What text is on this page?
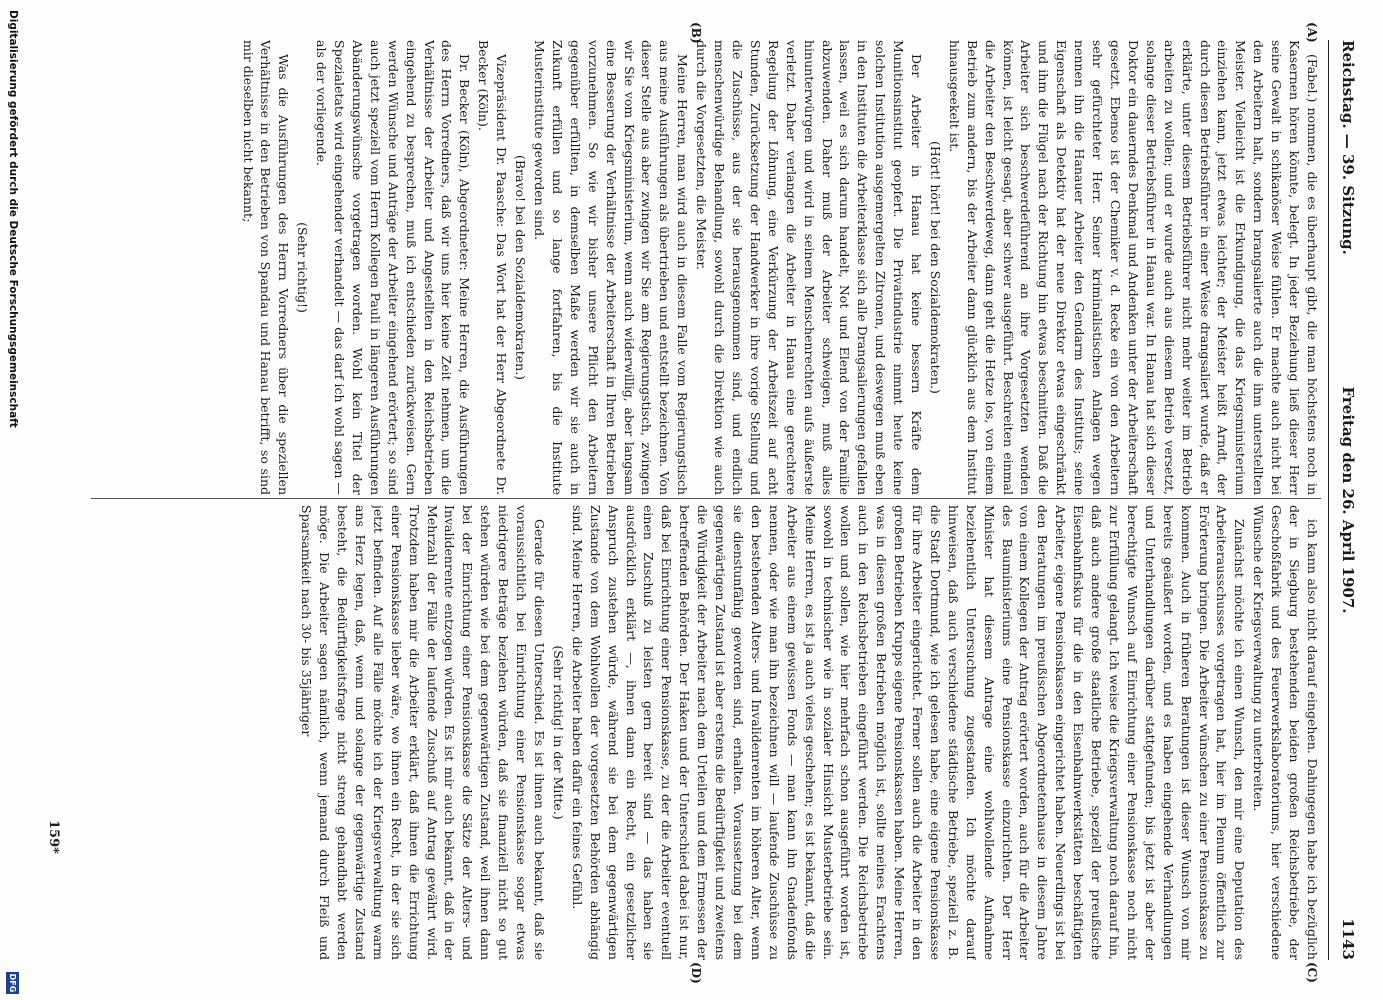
Reichstag. — 39. Sitzung.
Freitag den 26. April 1907.
1143
(A)
(B)
(C)
(D)

(Fabel.) nommen, die es überhaupt gibt, die man höchstens noch in Kasernen hören könnte, belegt. In jeder Beziehung ließ dieser Herr seine Gewalt in schikanöser Weise fühlen. Er machte auch nicht bei den Arbeitern halt, sondern brangsalierte auch die ihm unterstellten Meister. Vielleicht ist die Erkundigung, die das Kriegsministerium einziehen kann, jetzt etwas leichter; der Meister heißt Arndt, der durch diesen Betriebsführer in einer Weise drangsaliert wurde, daß er erklärte, unter diesem Betriebsführer nicht mehr weiter im Betrieb arbeiten zu wollen; und er wurde auch aus diesem Betrieb versetzt, solange dieser Betriebsführer in Hanau war. In Hanau hat sich dieser Doktor ein dauerndes Denkmal und Andenken unter der Arbeiterschaft gesetzt. Ebenso ist der Chemiker v. d. Recke ein von den Arbeitern sehr gefürchteter Herr. Seiner kriminalistischen Anlagen wegen nennen ihn die Hanauer Arbeiter den Gendarm des Instituts; seine Eigenschaft als Detektiv hat der neue Direktor etwas eingeschränkt und ihm die Flügel nach der Richtung hin etwas beschnitten. Daß die Arbeiter sich beschwerdeführend an ihre Vorgesetzten wenden können, ist leicht gesagt, aber schwer ausgeführt. Beschreiten einmal die Arbeiter den Beschwerdeweg, dann geht die Hetze los, von einem Betrieb zum andern, bis der Arbeiter dann glücklich aus dem Institut hinausgeekelt ist.

(Hört! hört! bei den Sozialdemokraten.)

Der Arbeiter in Hanau hat keine bessern Kräfte dem Munitionsinstitut geopfert. Die Privatindustrie nimmt heute keine solchen Institution ausgemergelten Zitronen, und deswegen muß eben in den Instituten die Arbeiterklasse sich alle Drangsalierungen gefallen lassen, weil es sich darum handelt, Not und Elend von der Familie abzuwenden. Daher muß der Arbeiter schweigen, muß alles hinunterwürgen und wird in seinem Menschenrechten aufs äußerste verletzt. Daher verlangen die Arbeiter in Hanau eine gerechtere Regelung der Löhnung, eine Verkürzung der Arbeitszeit auf acht Stunden, Zurücksetzung der Handwerker in ihre vorige Stellung und die Zuschüsse, aus der sie herausgenommen sind, und endlich menschenwürdige Behandlung, sowohl durch die Direktion wie auch durch die Vorgesetzten, die Meister.

Meine Herren, man wird auch in diesem Falle vom Regierungstisch aus meine Ausführungen als übertrieben und entstellt bezeichnen. Von dieser Stelle aus aber zwingen wir Sie am Regierungstisch, zwingen wir Sie vom Kriegsministerium, wenn auch widerwillig, aber langsam eine Besserung der Verhältnisse der Arbeiterschaft in Ihren Betrieben vorzunehmen. So wie wir bisher unsere Pflicht den Arbeitern gegenüber erfüllten, in demselben Maße werden wir sie auch in Zukunft erfüllen und so lange fortfahren, bis die Institute Musterinstitute geworden sind.

(Bravo! bei den Sozialdemokraten.)

Vizepräsident Dr. Paasche: Das Wort hat der Herr Abgeordnete Dr. Becker (Köln).

Dr. Becker (Köln), Abgeordneter: Meine Herren, die Ausführungen des Herrn Vorredners, daß wir uns hier keine Zeit nehmen, um die Verhältnisse der Arbeiter und Angestellten in den Reichsbetrieben eingehend zu besprechen, muß ich entschieden zurückweisen. Gern werden Wünsche und Anträge der Arbeiter eingehend erörtert; so sind auch jetzt speziell vom Herrn Kollegen Pauli in längeren Ausführungen Abänderungswünsche vorgetragen worden. Wohl kein Titel der Spezialetats wird eingehender verhandelt — das darf ich wohl sagen — als der vorliegende.

(Sehr richtig!)

Was die Ausführungen des Herrn Vorredners über die speziellen Verhältnisse in den Betrieben von Spandau und Hanau betrifft, so sind mir dieselben nicht bekannt;

ich kann also nicht darauf eingehen. Dahingegen habe ich bezüglich der in Siegburg bestehenden beiden großen Reichsbetriebe, der Geschoßfabrik und des Feuerwerkslaboratoriums, hier verschiedene Wünsche der Kriegsverwaltung zu unterbreiten.

Zunächst möchte ich einen Wunsch, den mir eine Deputation des Arbeiterausschusses vorgetragen hat, hier im Plenum öffentlich zur Erörterung bringen. Die Arbeiter wünschen zu einer Pensionskasse zu kommen. Auch in früheren Beratungen ist dieser Wunsch von mir bereits geäußert worden, und es haben eingehende Verhandlungen und Unterhandlungen darüber stattgefunden; bis jetzt ist aber der berechtigte Wunsch auf Einrichtung einer Pensionskasse noch nicht zur Erfüllung gelangt. Ich weise die Kriegsverwaltung noch darauf hin, daß auch andere große staatliche Betriebe, speziell der preußische Eisenbahnfiskus für die in den Eisenbahnwerkstätten beschäftigten Arbeiter, eigene Pensionskassen eingerichtet haben. Neuerdings ist bei den Beratungen im preußischen Abgeordnetenhause in diesem Jahre von einem Kollegen der Antrag erörtert worden, auch für die Arbeiter des Bauministeriums eine Pensionskasse einzurichten. Der Herr Minister hat diesem Antrage eine wohlwollende Aufnahme beziehentlich Untersuchung zugestanden. Ich möchte darauf hinweisen, daß auch verschiedene städtische Betriebe, speziell z. B. die Stadt Dortmund, wie ich gelesen habe, eine eigene Pensionskasse für ihre Arbeiter eingerichtet. Ferner sollen auch die Arbeiter in den großen Betrieben Krupps eigene Pensionskassen haben. Meine Herren, was in diesen großen Betrieben möglich ist, sollte meines Erachtens auch in den Reichsbetrieben eingeführt werden. Die Reichsbetriebe wollen und sollen, wie hier mehrfach schon ausgeführt worden ist, sowohl in technischer wie in sozialer Hinsicht Musterbetriebe sein. Meine Herren, es ist ja auch vieles geschehen; es ist bekannt, daß die Arbeiter aus einem gewissen Fonds — man kann ihn Gnadenfonds nennen, oder wie man ihn bezeichnen will — laufende Zuschüsse zu den bestehenden Alters- und Invalidenrenten im höheren Alter, wenn sie dienstunfähig geworden sind, erhalten. Voraussetzung bei dem gegenwärtigen Zustand ist aber erstens die Bedürftigkeit und zweitens die Würdigkeit der Arbeiter nach dem Urteilen und dem Ermessen der betreffenden Behörden. Der Haken und der Unterschied dabei ist nur, daß bei Einrichtung einer Pensionskasse, zu der die Arbeiter eventuell einen Zuschuß zu leisten gern bereit sind — das haben sie ausdrücklich erklärt —, ihnen dann ein Recht, ein gesetzlicher Anspruch zustehen würde, während sie bei dem gegenwärtigen Zustande von dem Wohlwollen der vorgesetzten Behörden abhängig sind. Meine Herren, die Arbeiter haben dafür ein feines Gefühl.

(Sehr richtig! in der Mitte.)

Gerade für diesen Unterschied. Es ist ihnen auch bekannt, daß sie voraussichtlich bei Einrichtung einer Pensionskasse sogar etwas niedrigere Beträge beziehen würden, daß sie finanziell nicht so gut stehen würden wie bei dem gegenwärtigen Zustand, weil ihnen dann bei der Einrichtung einer Pensionskasse die Sätze der Alters- und Invalidenrente entzogen würden. Es ist mir auch bekannt, daß in der Mehrzahl der Fälle der laufende Zuschuß auf Antrag gewährt wird. Trotzdem haben mir die Arbeiter erklärt, daß ihnen die Errichtung einer Pensionskasse lieber wäre, wo ihnen ein Recht, in der sie sich jetzt befinden. Auf alle Fälle möchte ich der Kriegsverwaltung warm ans Herz legen, daß, wenn und solange der gegenwärtige Zustand besteht, die Bedürftigkeitsfrage nicht streng gehandhabt werden möge. Die Arbeiter sagen nämlich, wenn jemand durch Fleiß und Sparsamkeit nach 30- bis 35jähriger

159*
Digitalisierung gefördert durch die Deutsche Forschungsgemeinschaft
DFG
